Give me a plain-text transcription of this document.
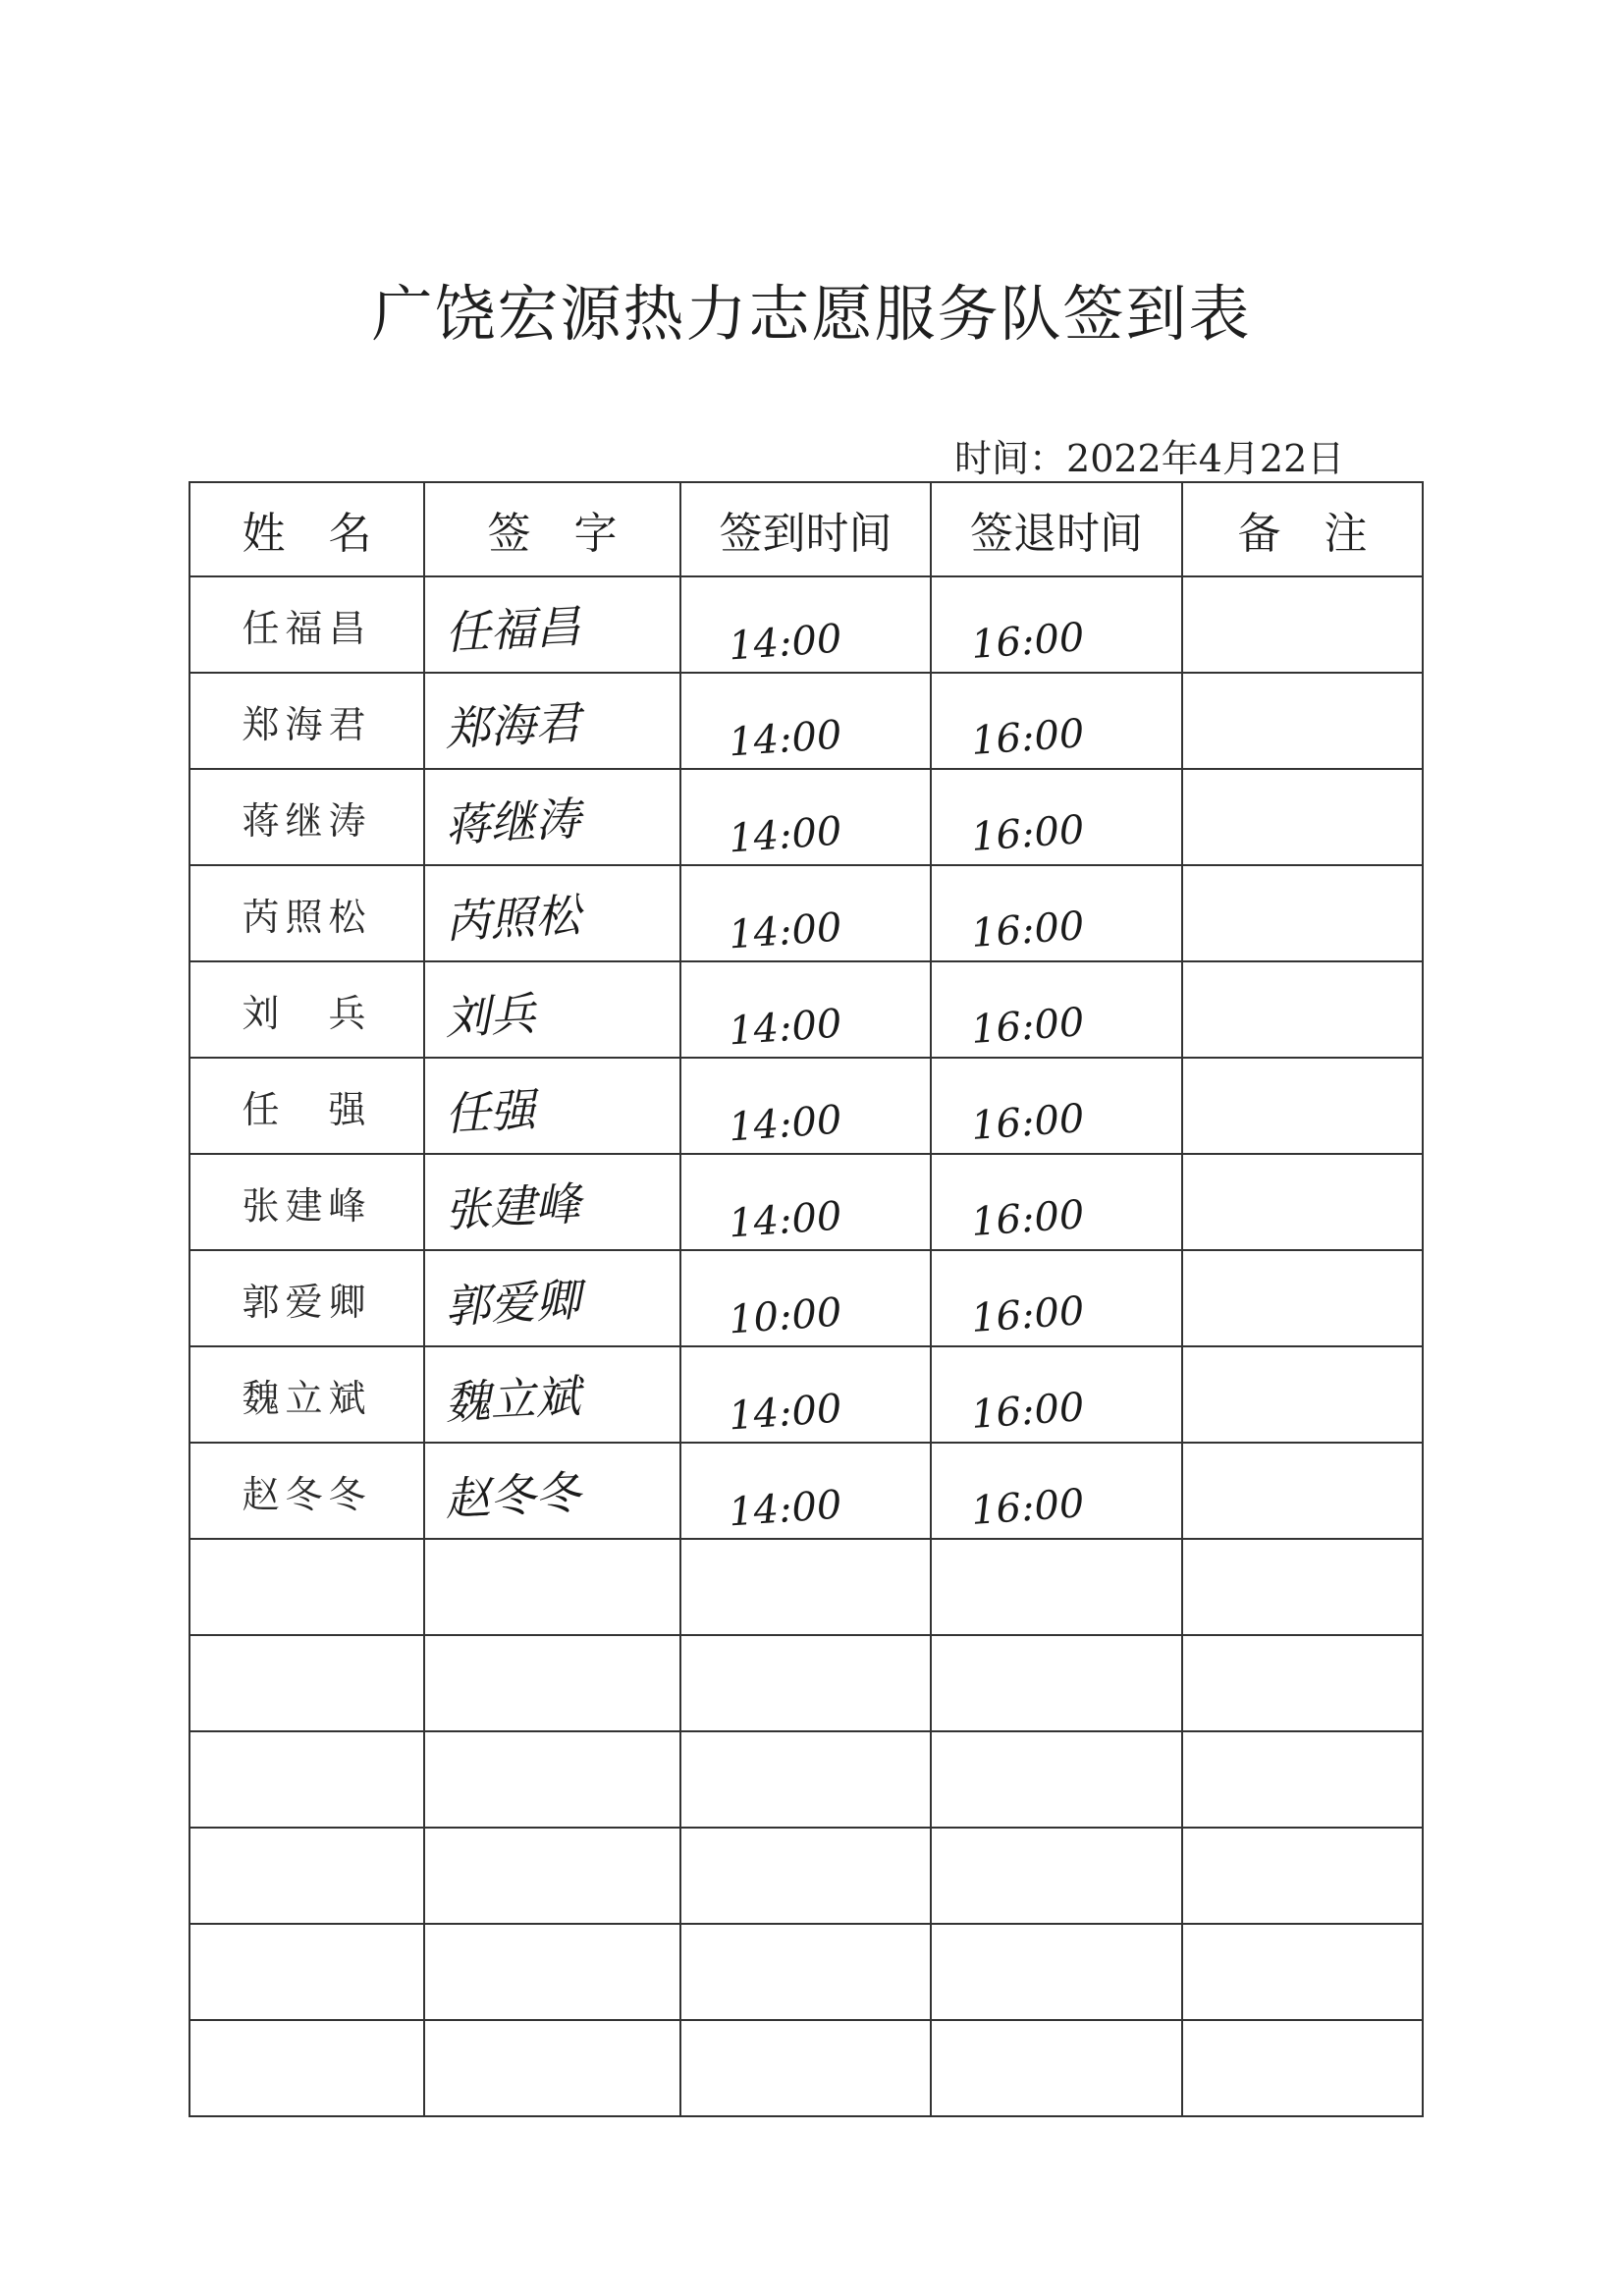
广饶宏源热力志愿服务队签到表
时间：2022年4月22日
姓　名	签　字	签到时间	签退时间	备　注
任福昌	任福昌	14:00	16:00	

郑海君	郑海君	14:00	16:00	

蒋继涛	蒋继涛	14:00	16:00	

芮照松	芮照松	14:00	16:00	

刘　兵	刘兵	14:00	16:00	

任　强	任强	14:00	16:00	

张建峰	张建峰	14:00	16:00	

郭爱卿	郭爱卿	10:00	16:00	

魏立斌	魏立斌	14:00	16:00	

赵冬冬	赵冬冬	14:00	16:00	
